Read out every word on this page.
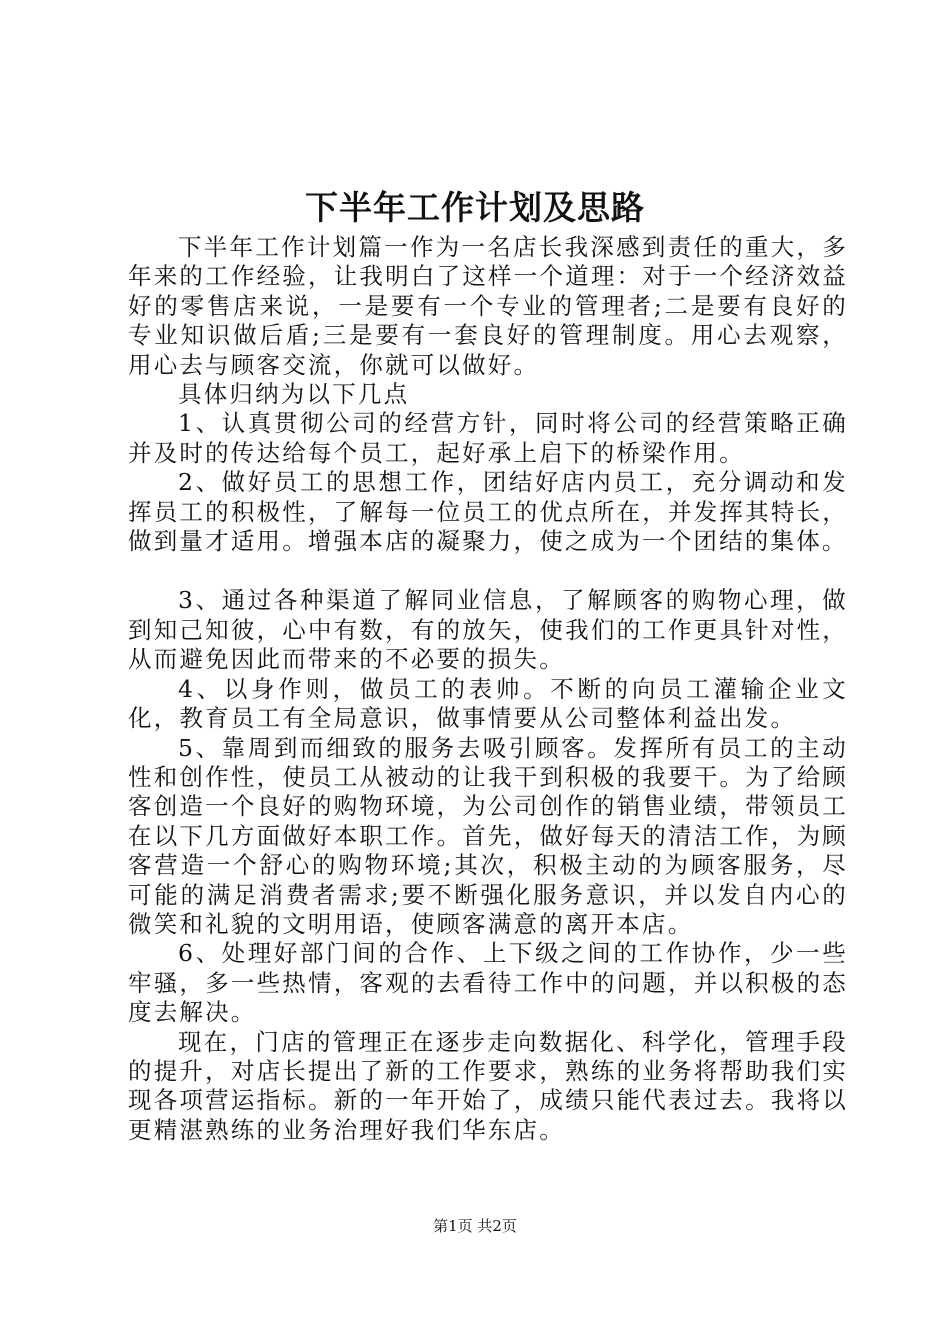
下半年工作计划及思路

下半年工作计划篇一作为一名店长我深感到责任的重大，多年来的工作经验，让我明白了这样一个道理：对于一个经济效益好的零售店来说，一是要有一个专业的管理者;二是要有良好的专业知识做后盾;三是要有一套良好的管理制度。用心去观察，用心去与顾客交流，你就可以做好。

具体归纳为以下几点

1、认真贯彻公司的经营方针，同时将公司的经营策略正确并及时的传达给每个员工，起好承上启下的桥梁作用。

2、做好员工的思想工作，团结好店内员工，充分调动和发挥员工的积极性，了解每一位员工的优点所在，并发挥其特长，做到量才适用。增强本店的凝聚力，使之成为一个团结的集体。

3、通过各种渠道了解同业信息，了解顾客的购物心理，做到知己知彼，心中有数，有的放矢，使我们的工作更具针对性，从而避免因此而带来的不必要的损失。

4、以身作则，做员工的表帅。不断的向员工灌输企业文化，教育员工有全局意识，做事情要从公司整体利益出发。

5、靠周到而细致的服务去吸引顾客。发挥所有员工的主动性和创作性，使员工从被动的让我干到积极的我要干。为了给顾客创造一个良好的购物环境，为公司创作的销售业绩，带领员工在以下几方面做好本职工作。首先，做好每天的清洁工作，为顾客营造一个舒心的购物环境;其次，积极主动的为顾客服务，尽可能的满足消费者需求;要不断强化服务意识，并以发自内心的微笑和礼貌的文明用语，使顾客满意的离开本店。

6、处理好部门间的合作、上下级之间的工作协作，少一些牢骚，多一些热情，客观的去看待工作中的问题，并以积极的态度去解决。

现在，门店的管理正在逐步走向数据化、科学化，管理手段的提升，对店长提出了新的工作要求，熟练的业务将帮助我们实现各项营运指标。新的一年开始了，成绩只能代表过去。我将以更精湛熟练的业务治理好我们华东店。

第1页 共2页
